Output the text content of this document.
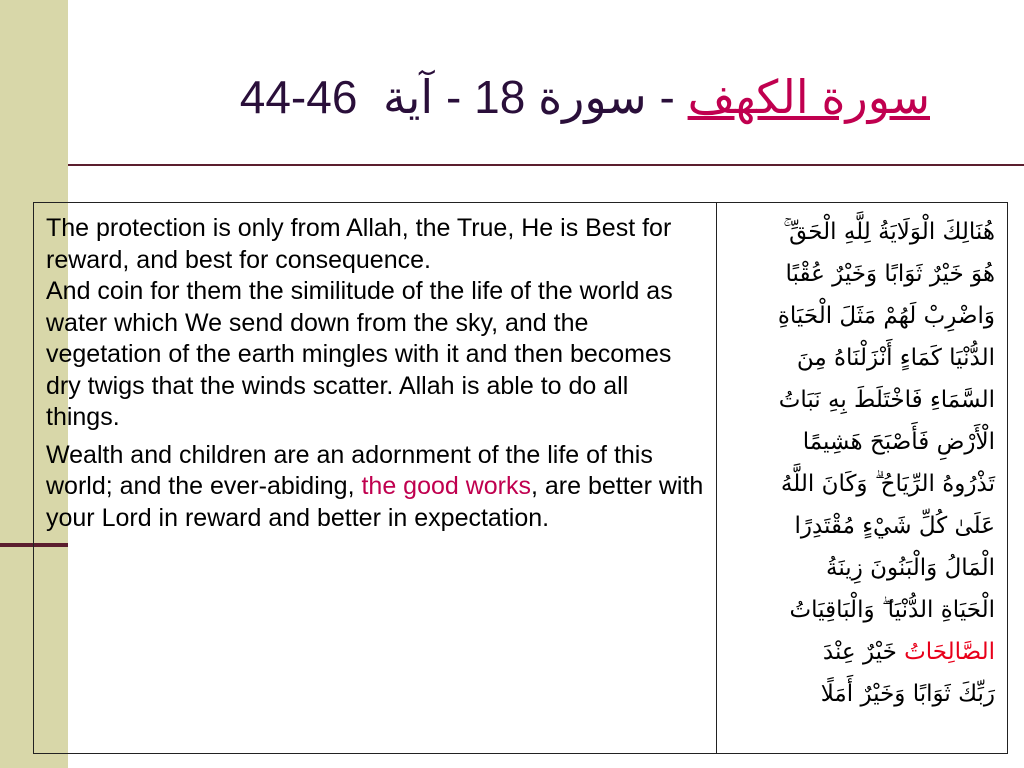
سورة الكهف - سورة 18 - آية  44-46

The protection is only from Allah, the True, He is Best for reward, and best for consequence.

And coin for them the similitude of the life of the world as water which We send down from the sky, and the vegetation of the earth mingles with it and then becomes dry twigs that the winds scatter. Allah is able to do all things.

Wealth and children are an adornment of the life of this world; and the ever-abiding, the good works, are better with your Lord in reward and better in expectation.

هُنَالِكَ الْوَلَايَةُ لِلَّهِ الْحَقِّ ۚ
هُوَ خَيْرٌ ثَوَابًا وَخَيْرٌ عُقْبًا
وَاضْرِبْ لَهُمْ مَثَلَ الْحَيَاةِ
الدُّنْيَا كَمَاءٍ أَنْزَلْنَاهُ مِنَ
السَّمَاءِ فَاخْتَلَطَ بِهِ نَبَاتُ
الْأَرْضِ فَأَصْبَحَ هَشِيمًا
تَذْرُوهُ الرِّيَاحُ ۗ وَكَانَ اللَّهُ
عَلَىٰ كُلِّ شَيْءٍ مُقْتَدِرًا
الْمَالُ وَالْبَنُونَ زِينَةُ
الْحَيَاةِ الدُّنْيَا ۖ وَالْبَاقِيَاتُ
الصَّالِحَاتُ خَيْرٌ عِنْدَ
رَبِّكَ ثَوَابًا وَخَيْرٌ أَمَلًا
